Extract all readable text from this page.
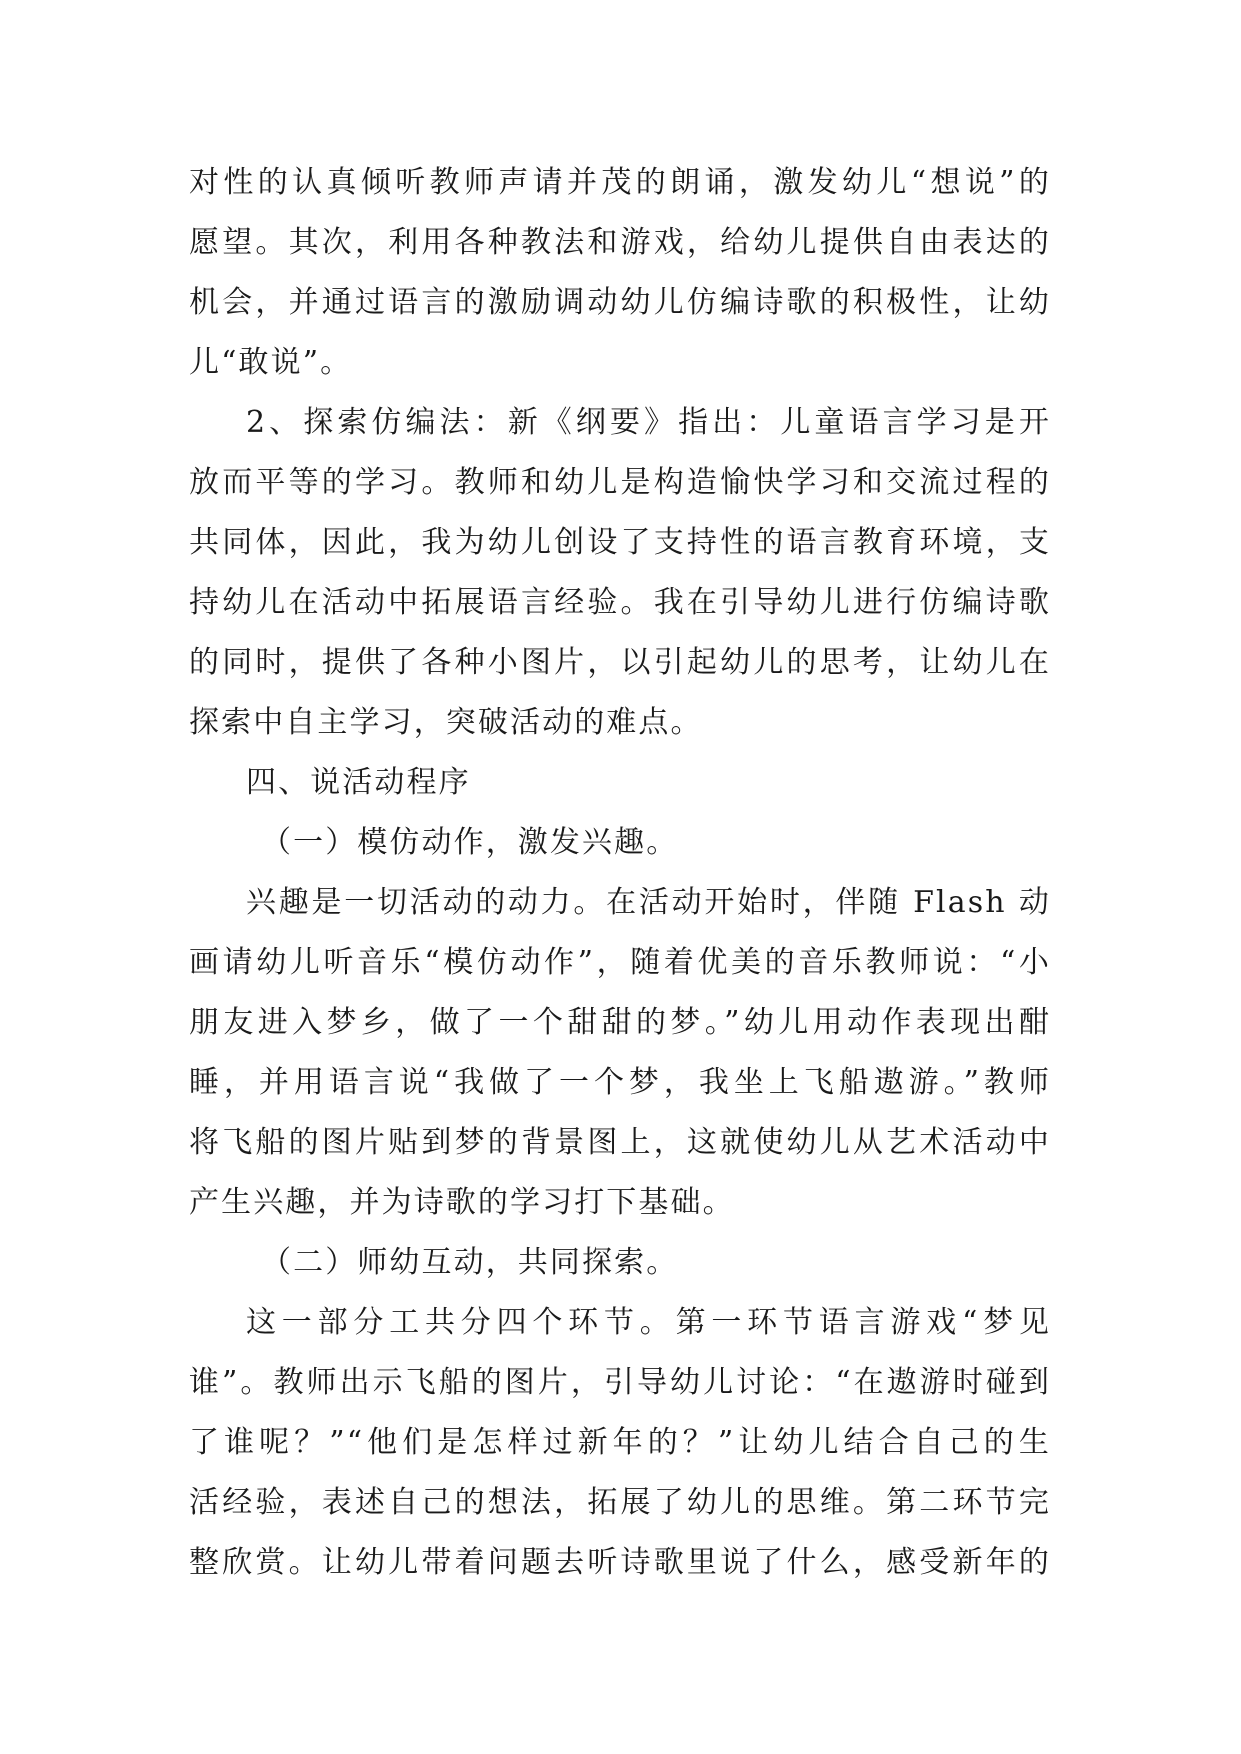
对性的认真倾听教师声请并茂的朗诵，激发幼儿“想说”的
愿望。其次，利用各种教法和游戏，给幼儿提供自由表达的
机会，并通过语言的激励调动幼儿仿编诗歌的积极性，让幼
儿“敢说”。
2、探索仿编法：新《纲要》指出：儿童语言学习是开
放而平等的学习。教师和幼儿是构造愉快学习和交流过程的
共同体，因此，我为幼儿创设了支持性的语言教育环境，支
持幼儿在活动中拓展语言经验。我在引导幼儿进行仿编诗歌
的同时，提供了各种小图片，以引起幼儿的思考，让幼儿在
探索中自主学习，突破活动的难点。
四、说活动程序
（一）模仿动作，激发兴趣。
兴趣是一切活动的动力。在活动开始时，伴随 Flash 动
画请幼儿听音乐“模仿动作”，随着优美的音乐教师说：“小
朋友进入梦乡，做了一个甜甜的梦。”幼儿用动作表现出酣
睡，并用语言说“我做了一个梦，我坐上飞船遨游。”教师
将飞船的图片贴到梦的背景图上，这就使幼儿从艺术活动中
产生兴趣，并为诗歌的学习打下基础。
（二）师幼互动，共同探索。
这一部分工共分四个环节。第一环节语言游戏“梦见
谁”。教师出示飞船的图片，引导幼儿讨论：“在遨游时碰到
了谁呢？”“他们是怎样过新年的？”让幼儿结合自己的生
活经验，表述自己的想法，拓展了幼儿的思维。第二环节完
整欣赏。让幼儿带着问题去听诗歌里说了什么，感受新年的
